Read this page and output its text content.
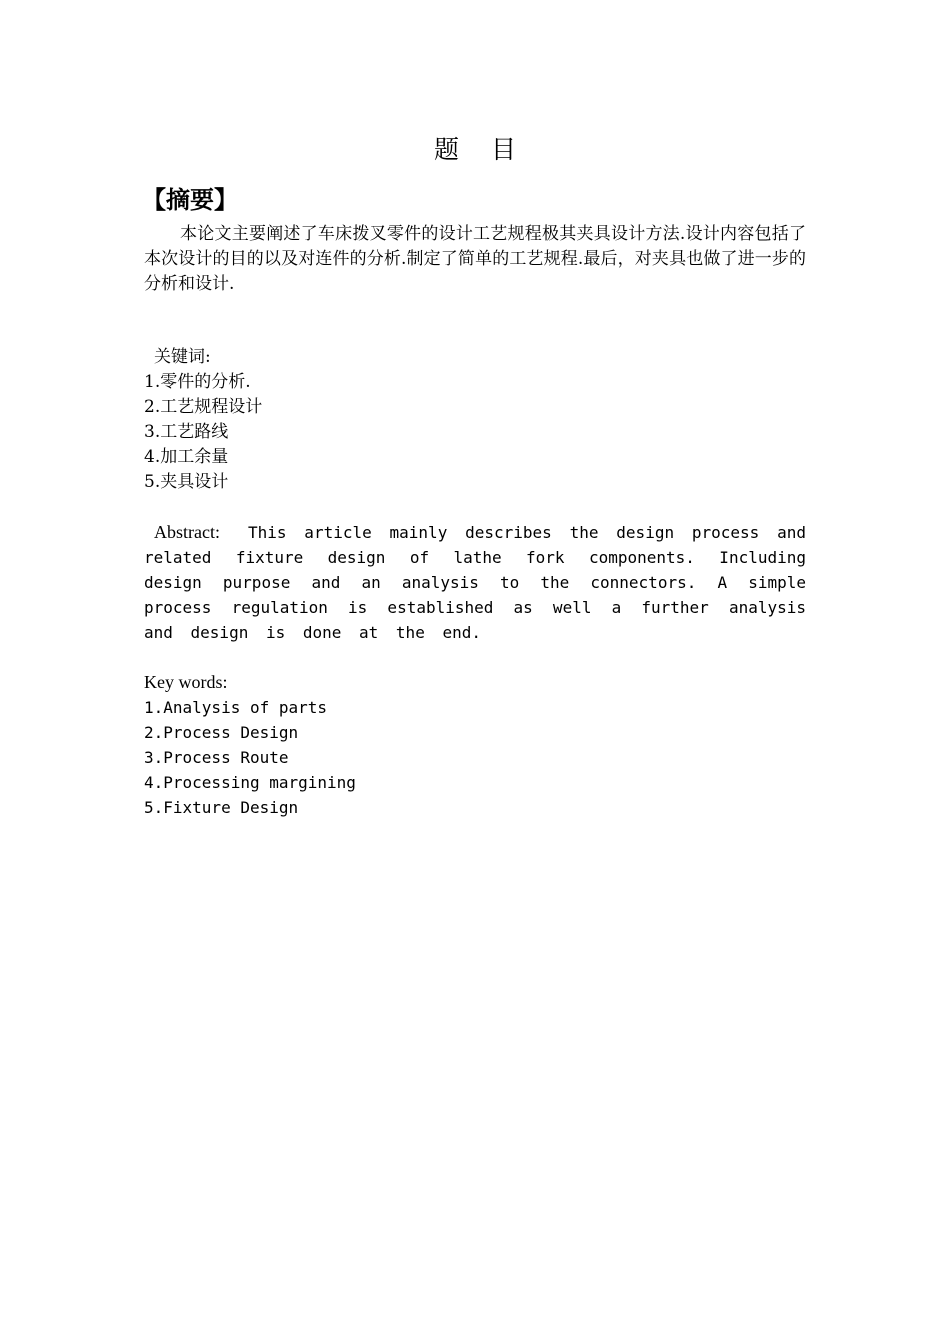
题 目
【摘要】

本论文主要阐述了车床拨叉零件的设计工艺规程极其夹具设计方法.设计内容包括了本次设计的目的以及对连件的分析.制定了简单的工艺规程.最后，对夹具也做了进一步的分析和设计.

关键词:
1.零件的分析.
2.工艺规程设计
3.工艺路线
4.加工余量
5.夹具设计
Abstract: This article mainly describes the design process and related fixture design of lathe fork components. Including design purpose and an analysis to the connectors. A simple process regulation is established as well a further analysis and design is done at the end.
Key words:
1.Analysis of parts
2.Process Design
3.Process Route
4.Processing margining
5.Fixture Design
